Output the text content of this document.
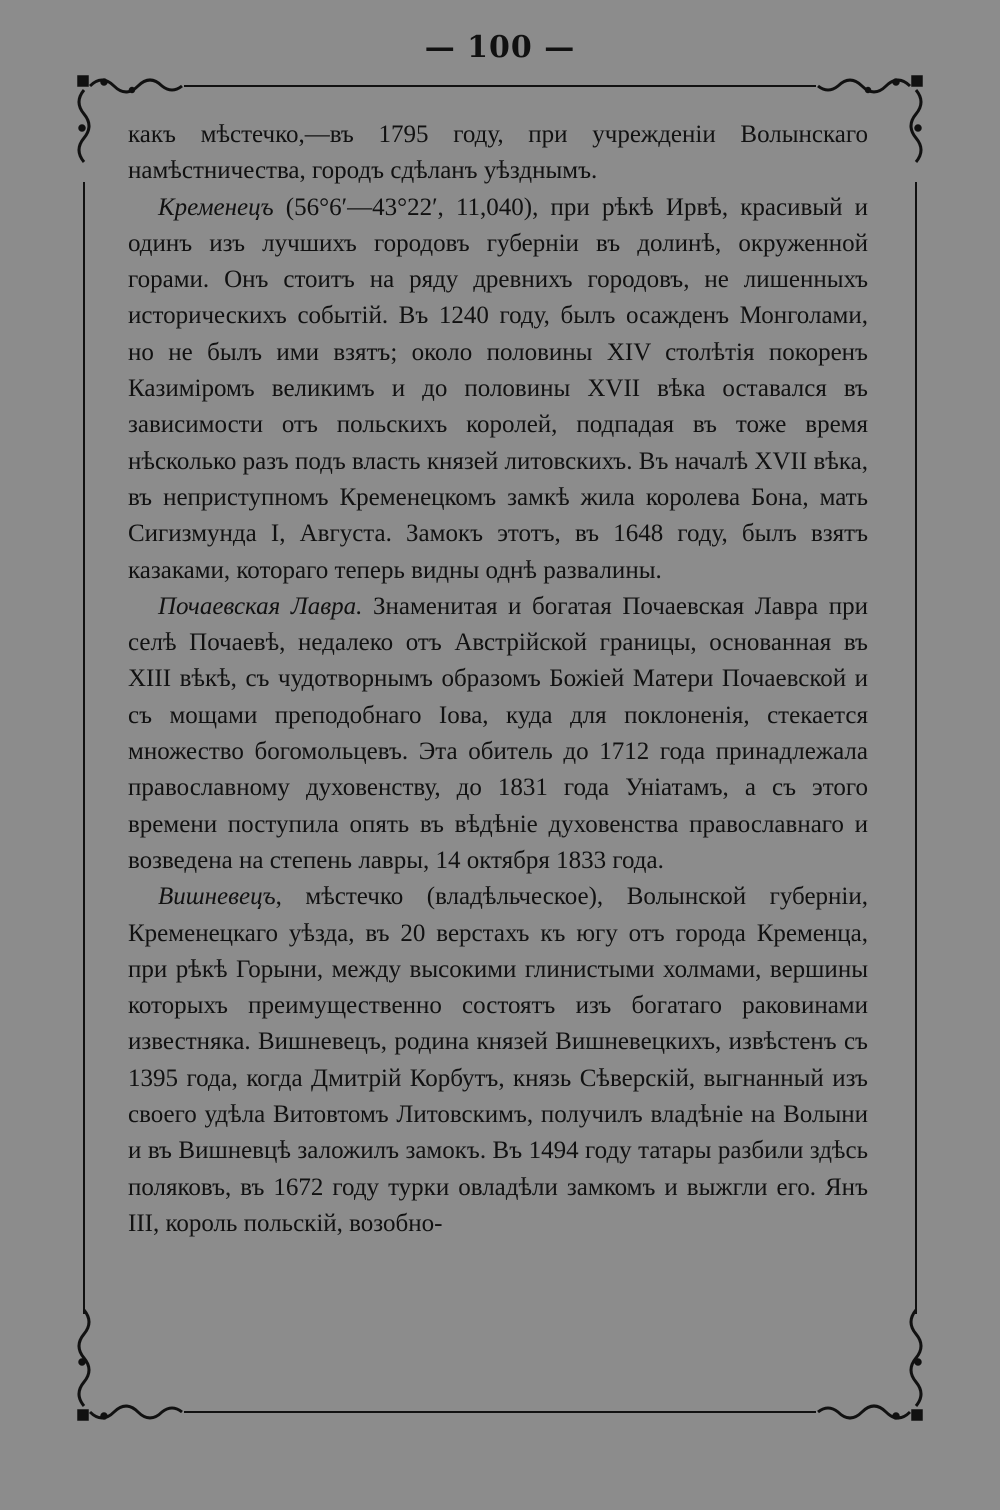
— 100 —

какъ мѣстечко,—въ 1795 году, при учрежденіи Волынскаго намѣстничества, городъ сдѣланъ уѣзднымъ.

Кременецъ (56°6′—43°22′, 11,040), при рѣкѣ Ирвѣ, красивый и одинъ изъ лучшихъ городовъ губерніи въ долинѣ, окруженной горами. Онъ стоитъ на ряду древнихъ городовъ, не лишенныхъ историческихъ событій. Въ 1240 году, былъ осажденъ Монголами, но не былъ ими взятъ; около половины XIV столѣтія покоренъ Казиміромъ великимъ и до половины XVII вѣка оставался въ зависимости отъ польскихъ королей, подпадая въ тоже время нѣсколько разъ подъ власть князей литовскихъ. Въ началѣ XVII вѣка, въ неприступномъ Кременецкомъ замкѣ жила королева Бона, мать Сигизмунда I, Августа. Замокъ этотъ, въ 1648 году, былъ взятъ казаками, котораго теперь видны однѣ развалины.

Почаевская Лавра. Знаменитая и богатая Почаевская Лавра при селѣ Почаевѣ, недалеко отъ Австрійской границы, основанная въ XIII вѣкѣ, съ чудотворнымъ образомъ Божіей Матери Почаевской и съ мощами преподобнаго Іова, куда для поклоненія, стекается множество богомольцевъ. Эта обитель до 1712 года принадлежала православному духовенству, до 1831 года Уніатамъ, а съ этого времени поступила опять въ вѣдѣніе духовенства православнаго и возведена на степень лавры, 14 октября 1833 года.

Вишневецъ, мѣстечко (владѣльческое), Волынской губерніи, Кременецкаго уѣзда, въ 20 верстахъ къ югу отъ города Кременца, при рѣкѣ Горыни, между высокими глинистыми холмами, вершины которыхъ преимущественно состоятъ изъ богатаго раковинами известняка. Вишневецъ, родина князей Вишневецкихъ, извѣстенъ съ 1395 года, когда Дмитрій Корбутъ, князь Сѣверскій, выгнанный изъ своего удѣла Витовтомъ Литовскимъ, получилъ владѣніе на Волыни и въ Вишневцѣ заложилъ замокъ. Въ 1494 году татары разбили здѣсь поляковъ, въ 1672 году турки овладѣли замкомъ и выжгли его. Янъ III, король польскій, возобно-
